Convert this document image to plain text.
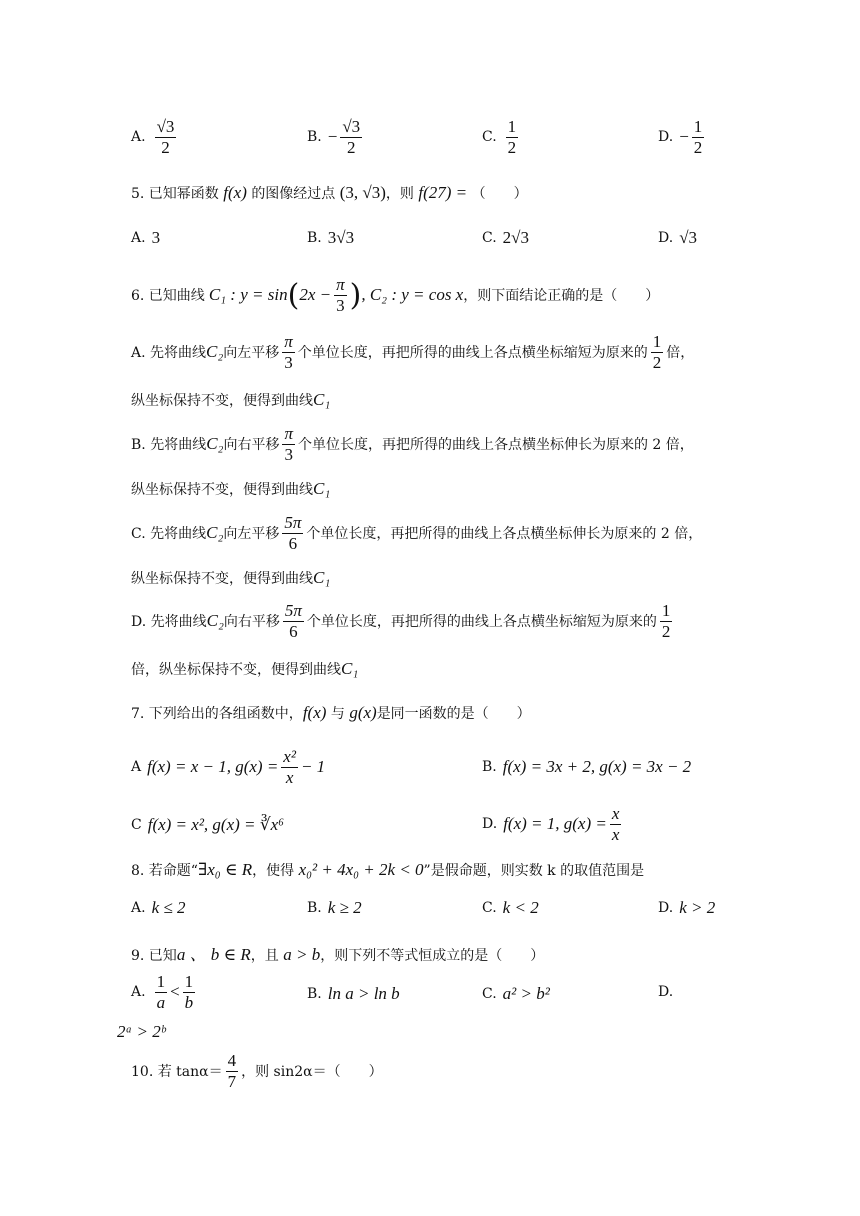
A. $\frac{√3}{2}$	B. − $\frac{√3}{2}$	C. $\frac{1}{2}$	D. − $\frac{1}{2}$
5. 已知幂函数 f(x) 的图像经过点 (3, √3)，则 f(27) = （　　）
A. 3	B. 3√3	C. 2√3	D. √3
6. 已知曲线 C₁ : y = sin ( $2x - \frac{\pi}{3}$ ) , C₂ : y = cos x ，则下面结论正确的是（　　）
A. 先将曲线 C₂ 向左平移 $\frac{\pi}{3}$ 个单位长度，再把所得的曲线上各点横坐标缩短为原来的 $\frac{1}{2}$ 倍，
纵坐标保持不变，便得到曲线C₁
B. 先将曲线 C₂ 向右平移 $\frac{\pi}{3}$ 个单位长度，再把所得的曲线上各点横坐标伸长为原来的 2 倍，
纵坐标保持不变，便得到曲线C₁
C. 先将曲线 C₂ 向左平移 $\frac{5\pi}{6}$ 个单位长度，再把所得的曲线上各点横坐标伸长为原来的 2 倍，
纵坐标保持不变，便得到曲线C₁
D. 先将曲线 C₂ 向右平移 $\frac{5\pi}{6}$ 个单位长度，再把所得的曲线上各点横坐标缩短为原来的 $\frac{1}{2}$
倍，纵坐标保持不变，便得到曲线C₁
7. 下列给出的各组函数中，f(x) 与 g(x)是同一函数的是（　　）
A f(x) = x − 1, $g(x) = \frac{\text{x²}}{x} - 1$	B. f(x) = 3x + 2, g(x) = 3x − 2
C f(x) = x², g(x) = ∛x⁶	D. f(x) = 1, $g(x) = \frac{x}{x}$
8. 若命题“∃x₀ ∈ R，使得 x₀² + 4x₀ + 2k < 0”是假命题，则实数 k 的取值范围是
A. k ≤ 2	B. k ≥ 2	C. k < 2	D. k > 2
9. 已知a 、 b ∈ R，且 a > b，则下列不等式恒成立的是（　　）
A. $\frac{1}{a} < \frac{1}{b}$	B. ln a > ln b	C. a² > b²	D.
2ᵃ > 2ᵇ
10. 若 $\tan\alpha= \frac{4}{7}$ ，则 sin2α＝（　　）
